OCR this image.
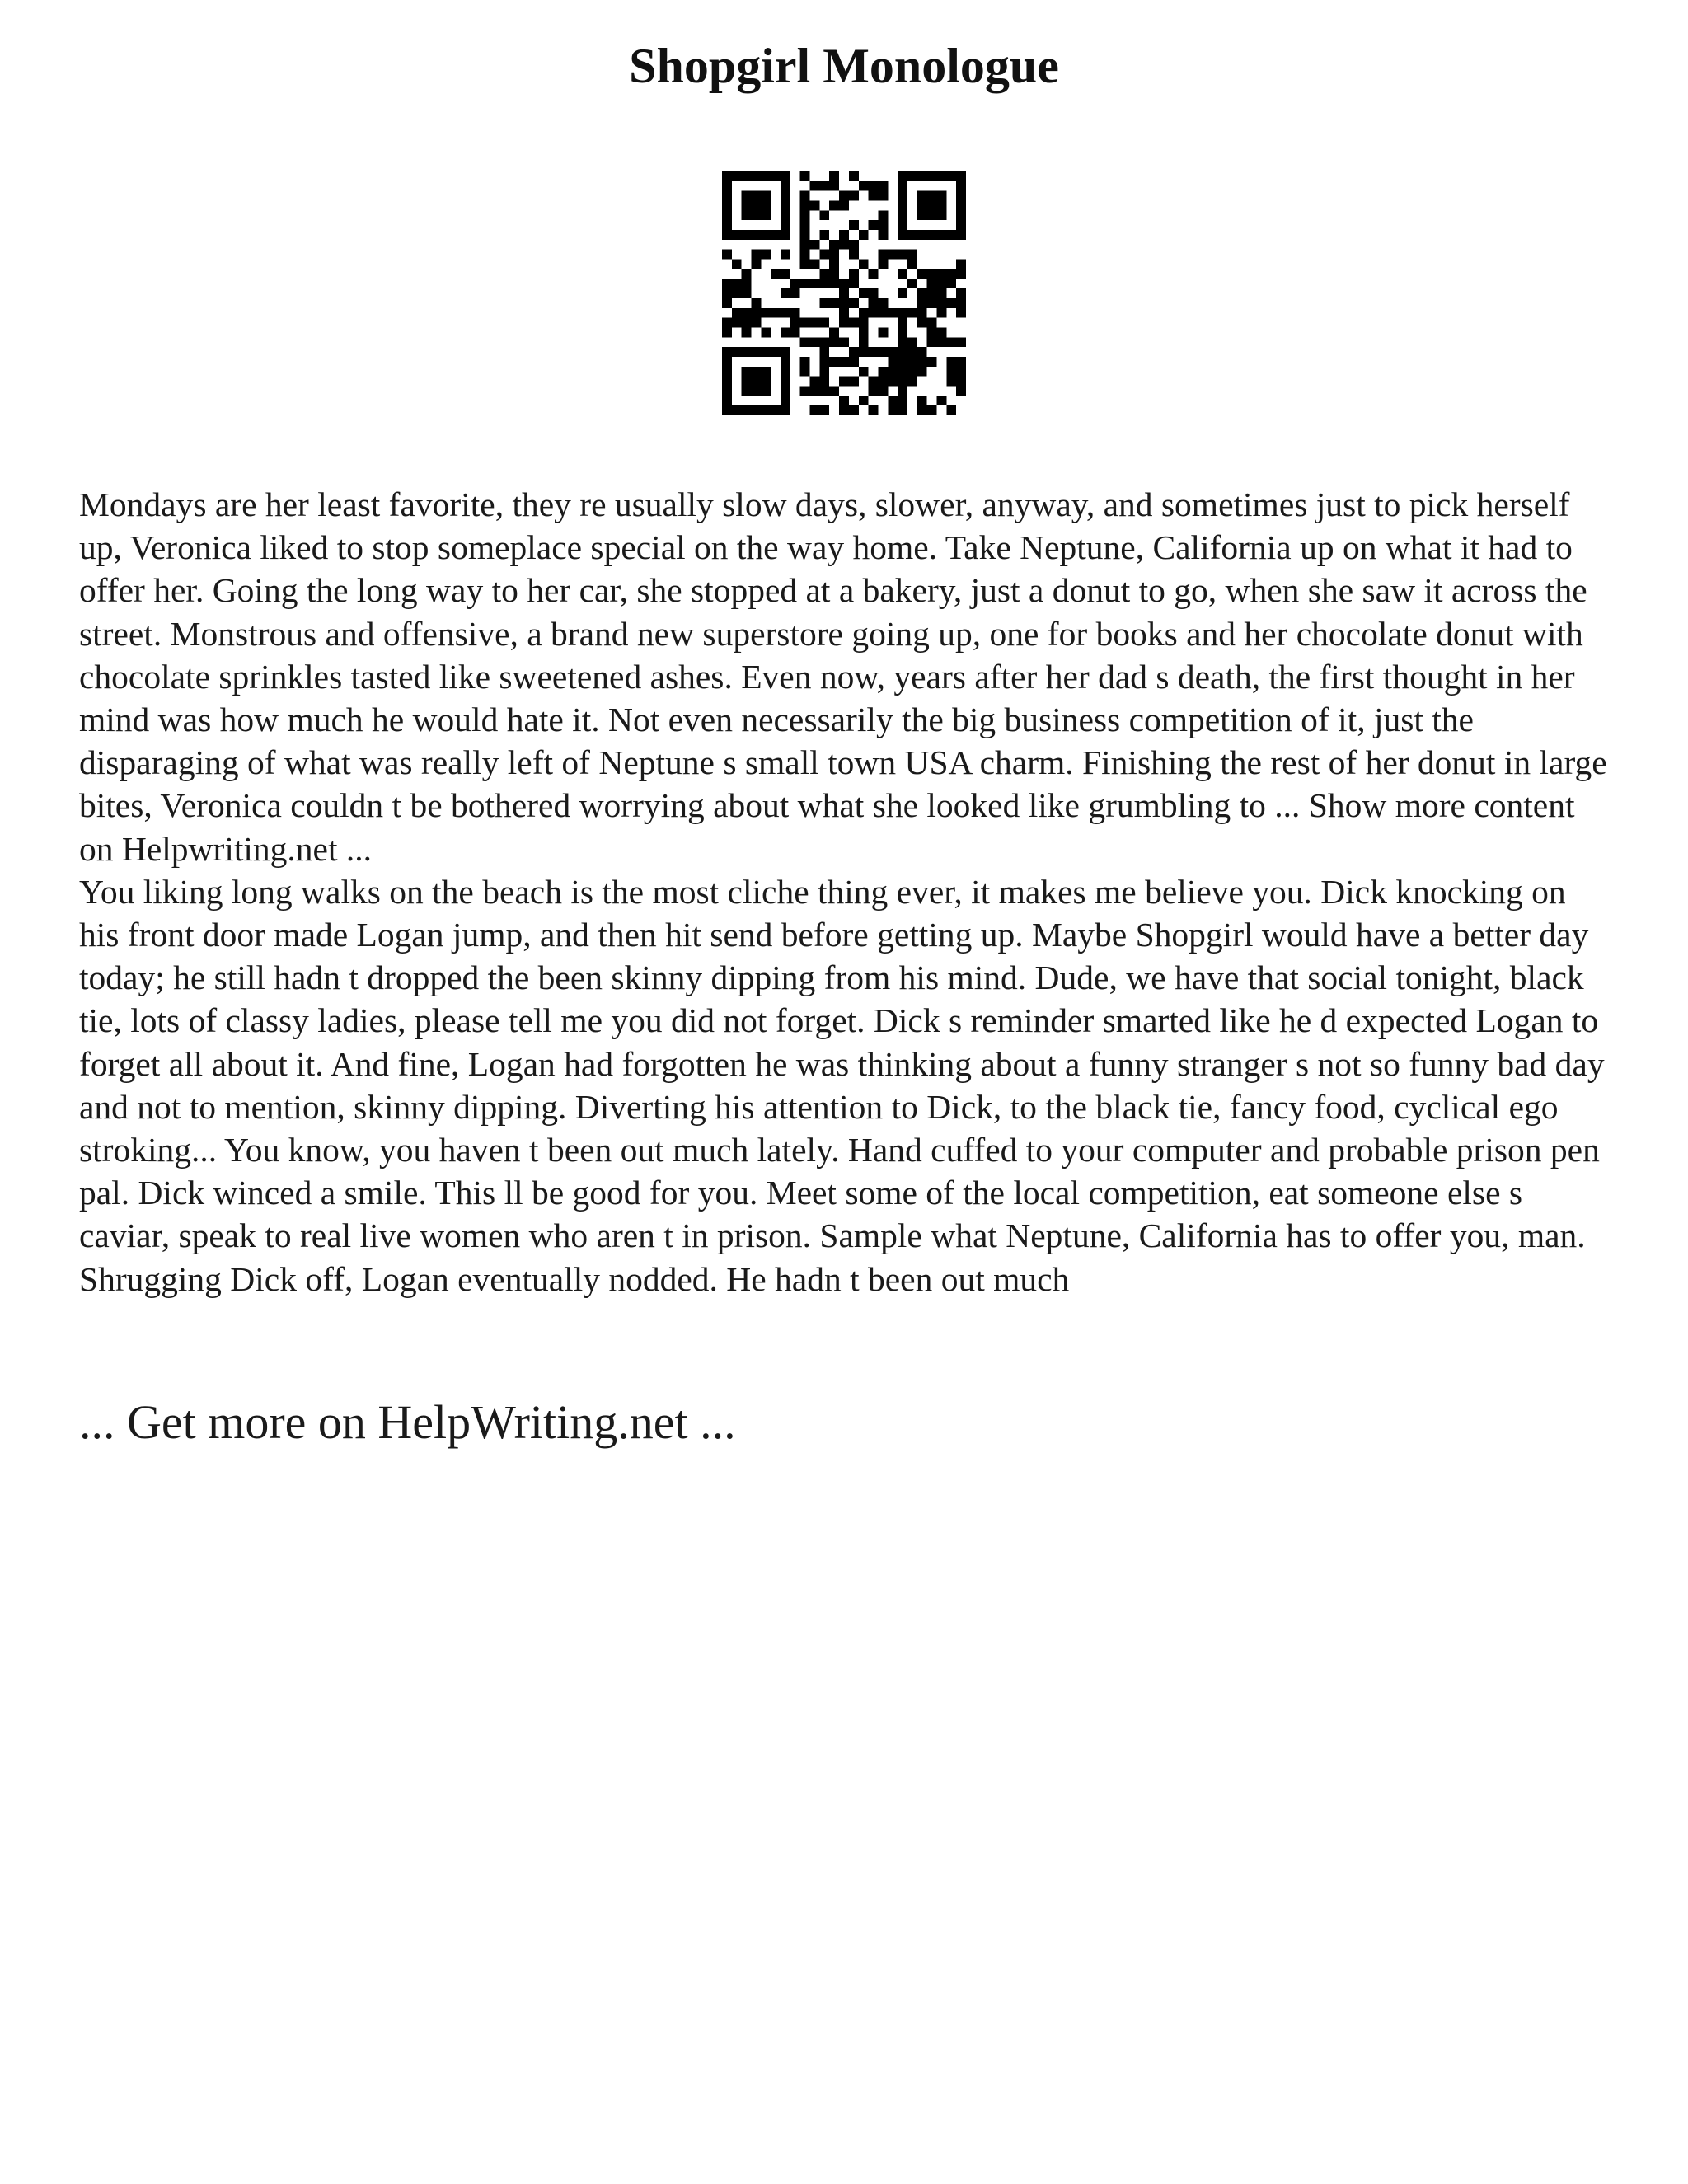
Shopgirl Monologue
Mondays are her least favorite, they re usually slow days, slower, anyway, and sometimes just to pick herself up, Veronica liked to stop someplace special on the way home. Take Neptune, California up on what it had to offer her. Going the long way to her car, she stopped at a bakery, just a donut to go, when she saw it across the street. Monstrous and offensive, a brand new superstore going up, one for books and her chocolate donut with chocolate sprinkles tasted like sweetened ashes. Even now, years after her dad s death, the first thought in her mind was how much he would hate it. Not even necessarily the big business competition of it, just the disparaging of what was really left of Neptune s small town USA charm. Finishing the rest of her donut in large bites, Veronica couldn t be bothered worrying about what she looked like grumbling to ... Show more content on Helpwriting.net ...
You liking long walks on the beach is the most cliche thing ever, it makes me believe you. Dick knocking on his front door made Logan jump, and then hit send before getting up. Maybe Shopgirl would have a better day today; he still hadn t dropped the been skinny dipping from his mind. Dude, we have that social tonight, black tie, lots of classy ladies, please tell me you did not forget. Dick s reminder smarted like he d expected Logan to forget all about it. And fine, Logan had forgotten he was thinking about a funny stranger s not so funny bad day and not to mention, skinny dipping. Diverting his attention to Dick, to the black tie, fancy food, cyclical ego stroking... You know, you haven t been out much lately. Hand cuffed to your computer and probable prison pen pal. Dick winced a smile. This ll be good for you. Meet some of the local competition, eat someone else s caviar, speak to real live women who aren t in prison. Sample what Neptune, California has to offer you, man. Shrugging Dick off, Logan eventually nodded. He hadn t been out much
... Get more on HelpWriting.net ...
